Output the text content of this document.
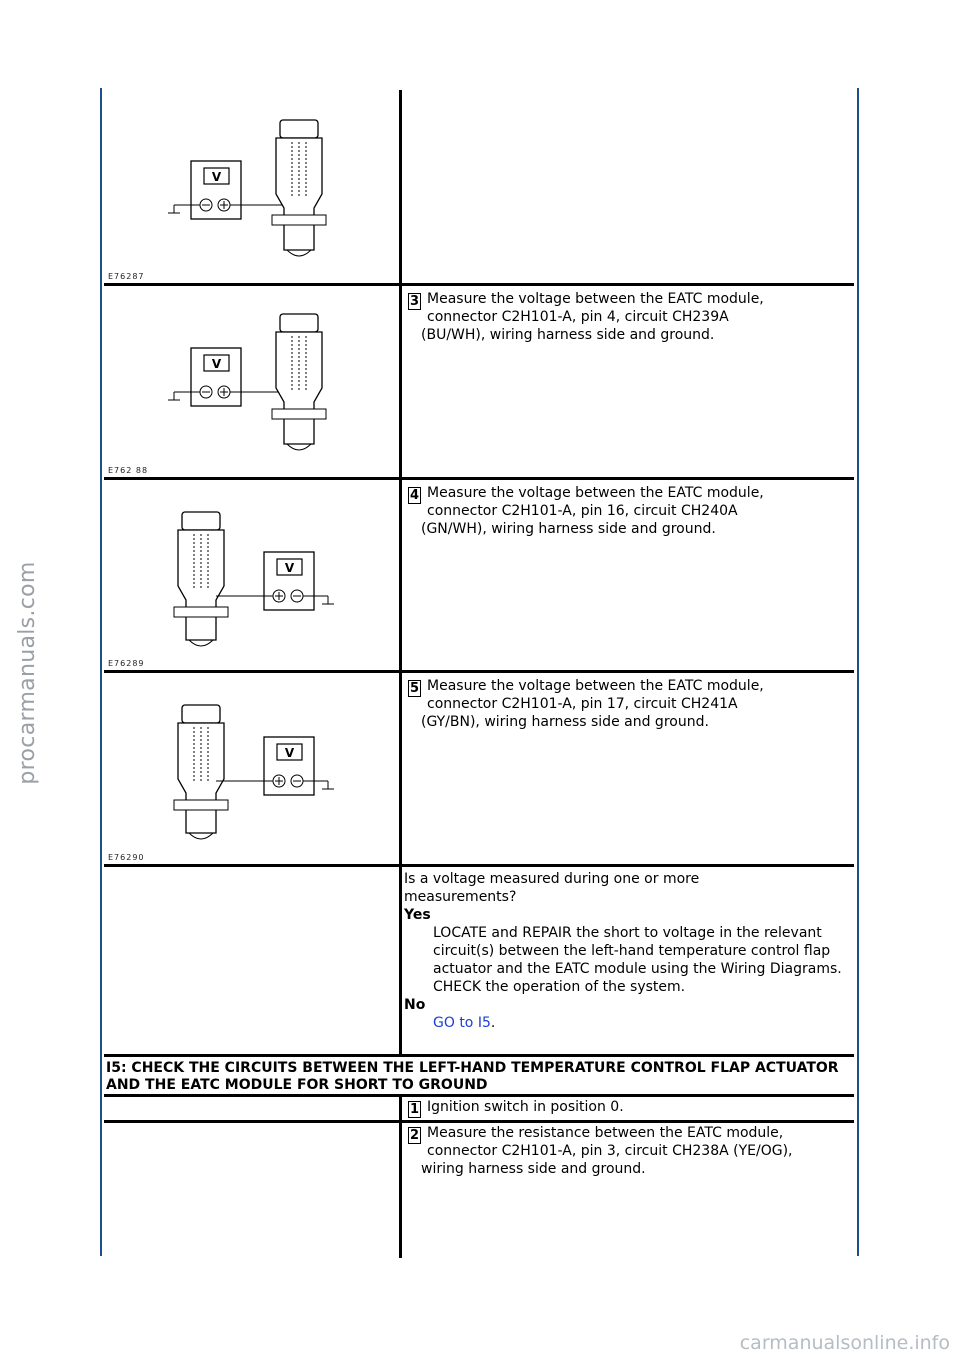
procarmanuals.com
carmanualsonline.info
V
E76287
V
E762 88
3 Measure the voltage between the EATC module,
connector C2H101-A, pin 4, circuit CH239A
(BU/WH), wiring harness side and ground.
V
E76289
4 Measure the voltage between the EATC module,
connector C2H101-A, pin 16, circuit CH240A
(GN/WH), wiring harness side and ground.
V
E76290
5 Measure the voltage between the EATC module,
connector C2H101-A, pin 17, circuit CH241A
(GY/BN), wiring harness side and ground.
Is a voltage measured during one or more measurements?
Yes
LOCATE and REPAIR the short to voltage in the relevant circuit(s) between the left-hand temperature control flap actuator and the EATC module using the Wiring Diagrams. CHECK the operation of the system.
No
GO to I5.
I5: CHECK THE CIRCUITS BETWEEN THE LEFT-HAND TEMPERATURE CONTROL FLAP ACTUATOR AND THE EATC MODULE FOR SHORT TO GROUND
1 Ignition switch in position 0.
2 Measure the resistance between the EATC module,
connector C2H101-A, pin 3, circuit CH238A (YE/OG),
wiring harness side and ground.
